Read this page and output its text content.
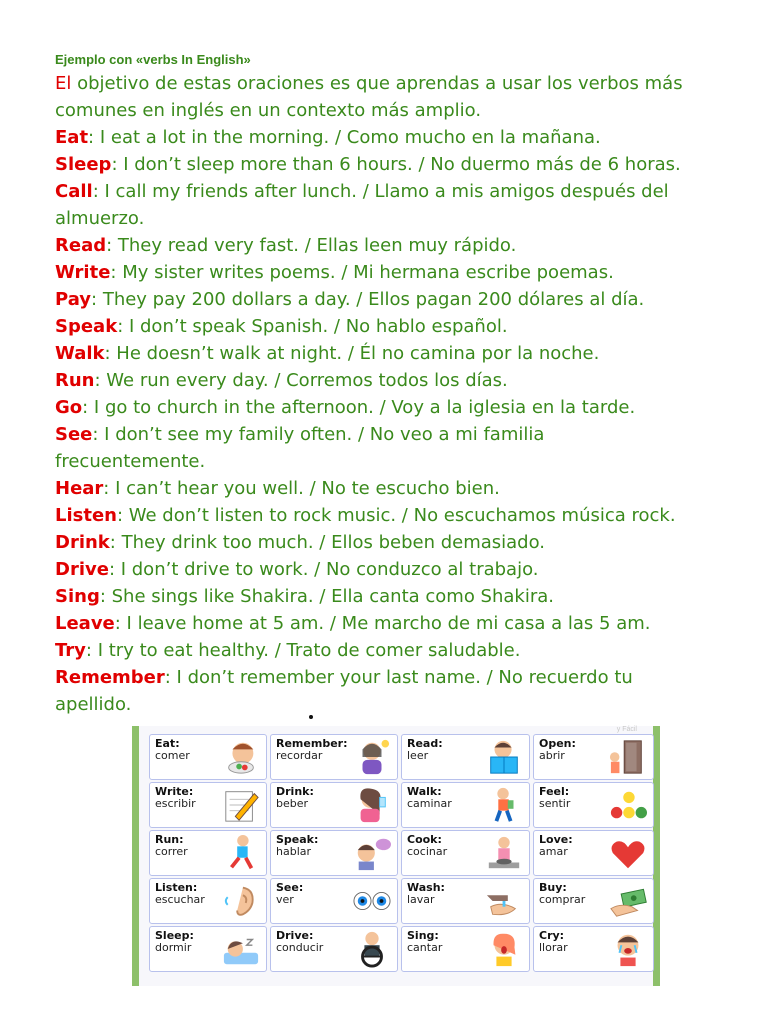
Ejemplo con «verbs In English»
El objetivo de estas oraciones es que aprendas a usar los verbos más
comunes en inglés en un contexto más amplio.
Eat: I eat a lot in the morning. / Como mucho en la mañana.
Sleep: I don’t sleep more than 6 hours. / No duermo más de 6 horas.
Call: I call my friends after lunch. / Llamo a mis amigos después del
almuerzo.
Read: They read very fast. / Ellas leen muy rápido.
Write: My sister writes poems. / Mi hermana escribe poemas.
Pay: They pay 200 dollars a day. / Ellos pagan 200 dólares al día.
Speak: I don’t speak Spanish. / No hablo español.
Walk: He doesn’t walk at night. / Él no camina por la noche.
Run: We run every day. / Corremos todos los días.
Go: I go to church in the afternoon. / Voy a la iglesia en la tarde.
See: I don’t see my family often. / No veo a mi familia
frecuentemente.
Hear: I can’t hear you well. / No te escucho bien.
Listen: We don’t listen to rock music. / No escuchamos música rock.
Drink: They drink too much. / Ellos beben demasiado.
Drive: I don’t drive to work. / No conduzco al trabajo.
Sing: She sings like Shakira. / Ella canta como Shakira.
Leave: I leave home at 5 am. / Me marcho de mi casa a las 5 am.
Try: I try to eat healthy. / Trato de comer saludable.
Remember: I don’t remember your last name. / No recuerdo tu
apellido.
y Fácil
Eat:
comer
Remember:
recordar
Read:
leer
Open:
abrir
Write:
escribir
Drink:
beber
Walk:
caminar
Feel:
sentir
Run:
correr
Speak:
hablar
Cook:
cocinar
Love:
amar
Listen:
escuchar
See:
ver
Wash:
lavar
Buy:
comprar
Sleep:
dormir
Drive:
conducir
Sing:
cantar
Cry:
llorar
